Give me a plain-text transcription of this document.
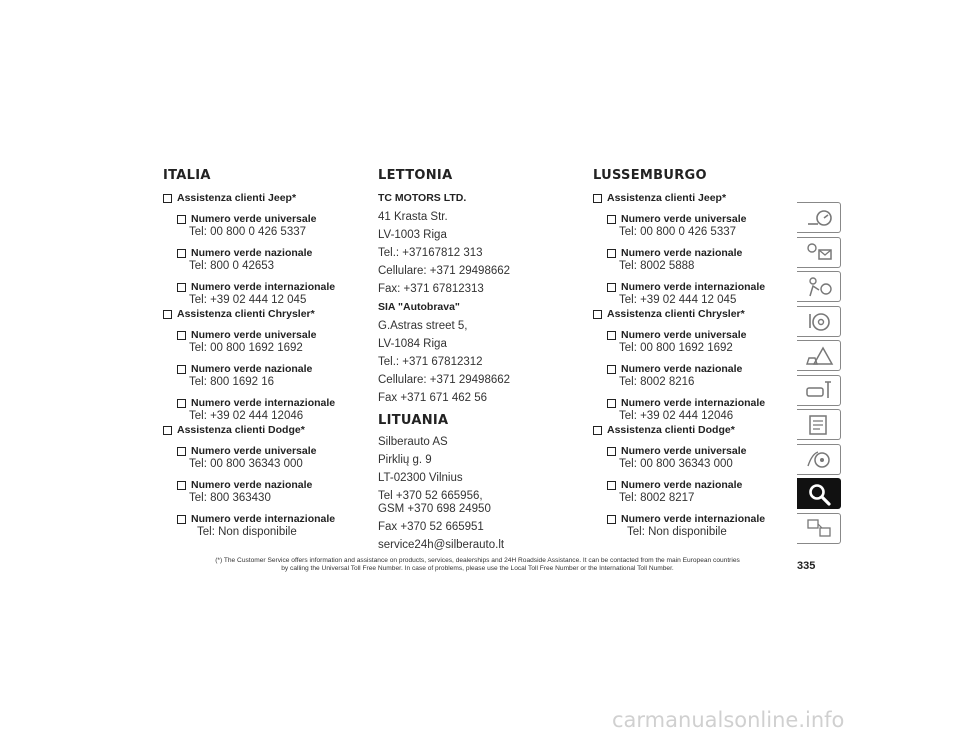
ITALIA
Assistenza clienti Jeep*
Numero verde universale
Tel: 00 800 0 426 5337
Numero verde nazionale
Tel: 800 0 42653
Numero verde internazionale
Tel: +39 02 444 12 045
Assistenza clienti Chrysler*
Numero verde universale
Tel: 00 800 1692 1692
Numero verde nazionale
Tel: 800 1692 16
Numero verde internazionale
Tel: +39 02 444 12046
Assistenza clienti Dodge*
Numero verde universale
Tel: 00 800 36343 000
Numero verde nazionale
Tel: 800 363430
Numero verde internazionale
Tel: Non disponibile
LETTONIA
TC MOTORS LTD.
41 Krasta Str.
LV-1003 Riga
Tel.: +37167812 313
Cellulare: +371 29498662
Fax: +371 67812313
SIA "Autobrava"
G.Astras street 5,
LV-1084 Riga
Tel.: +371 67812312
Cellulare: +371 29498662
Fax +371 671 462 56
LITUANIA
Silberauto AS
Pirklių g. 9
LT-02300 Vilnius
Tel +370 52 665956,
GSM +370 698 24950
Fax +370 52 665951
service24h@silberauto.lt
LUSSEMBURGO
Assistenza clienti Jeep*
Numero verde universale
Tel: 00 800 0 426 5337
Numero verde nazionale
Tel: 8002 5888
Numero verde internazionale
Tel: +39 02 444 12 045
Assistenza clienti Chrysler*
Numero verde universale
Tel: 00 800 1692 1692
Numero verde nazionale
Tel: 8002 8216
Numero verde internazionale
Tel: +39 02 444 12046
Assistenza clienti Dodge*
Numero verde universale
Tel: 00 800 36343 000
Numero verde nazionale
Tel: 8002 8217
Numero verde internazionale
Tel: Non disponibile
(*) The Customer Service offers information and assistance on products, services, dealerships and 24H Roadside Assistance. It can be contacted from the main European countries
by calling the Universal Toll Free Number. In case of problems, please use the Local Toll Free Number or the International Toll Number.	335
carmanualsonline.info
